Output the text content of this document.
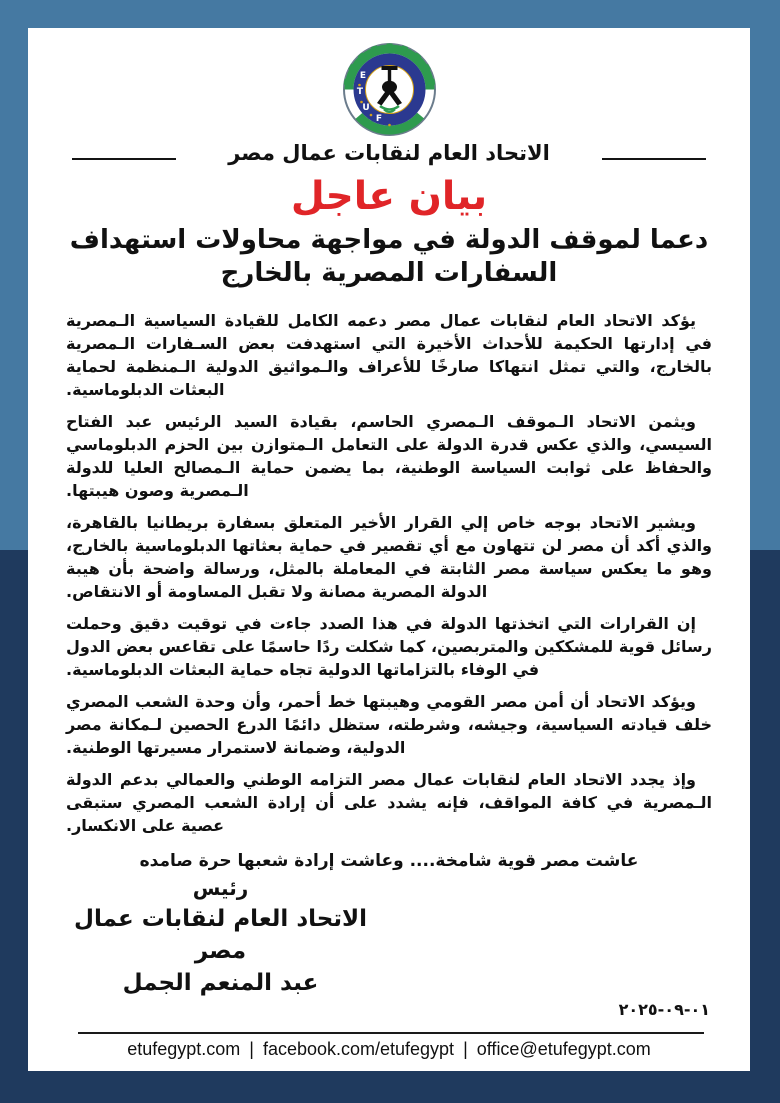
E
T
U
F
الاتحاد العام لنقابات عمال مصر
بيان عاجل
دعما لموقف الدولة في مواجهة محاولات استهداف
السفارات المصرية بالخارج

يؤكد الاتحاد العام لنقابات عمال مصر دعمه الكامل للقيادة السياسية الـمصرية في إدارتها الحكيمة للأحداث الأخيرة التي استهدفت بعض السـفارات الـمصرية بالخارج، والتي تمثل انتهاكا صارخًا للأعراف والـمواثيق الدولية الـمنظمة لحماية البعثات الدبلوماسية.

ويثمن الاتحاد الـموقف الـمصري الحاسم، بقيادة السيد الرئيس عبد الفتاح السيسي، والذي عكس قدرة الدولة على التعامل الـمتوازن بين الحزم الدبلوماسي والحفاظ على ثوابت السياسة الوطنية، بما يضمن حماية الـمصالح العليا للدولة الـمصرية وصون هيبتها.

ويشير الاتحاد بوجه خاص إلي القرار الأخير المتعلق بسفارة بريطانيا بالقاهرة، والذي أكد أن مصر لن تتهاون مع أي تقصير في حماية بعثاتها الدبلوماسية بالخارج، وهو ما يعكس سياسة مصر الثابتة في المعاملة بالمثل، ورسالة واضحة بأن هيبة الدولة المصرية مصانة ولا تقبل المساومة أو الانتقاص.

إن القرارات التي اتخذتها الدولة في هذا الصدد جاءت في توقيت دقيق وحملت رسائل قوية للمشككين والمتربصين، كما شكلت ردًا حاسمًا على تقاعس بعض الدول في الوفاء بالتزاماتها الدولية تجاه حماية البعثات الدبلوماسية.

ويؤكد الاتحاد أن أمن مصر القومي وهيبتها خط أحمر، وأن وحدة الشعب المصري خلف قيادته السياسية، وجيشه، وشرطته، ستظل دائمًا الدرع الحصين لـمكانة مصر الدولية، وضمانة لاستمرار مسيرتها الوطنية.

وإذ يجدد الاتحاد العام لنقابات عمال مصر التزامه الوطني والعمالي بدعم الدولة الـمصرية في كافة المواقف، فإنه يشدد على أن إرادة الشعب المصري ستبقى عصية على الانكسار.

عاشت مصر قوية شامخة.... وعاشت إرادة شعبها حرة صامده
رئيس
الاتحاد العام لنقابات عمال مصر
عبد المنعم الجمل
٢٠٢٥-٠٩-٠١
etufegypt.com | facebook.com/etufegypt | office@etufegypt.com
